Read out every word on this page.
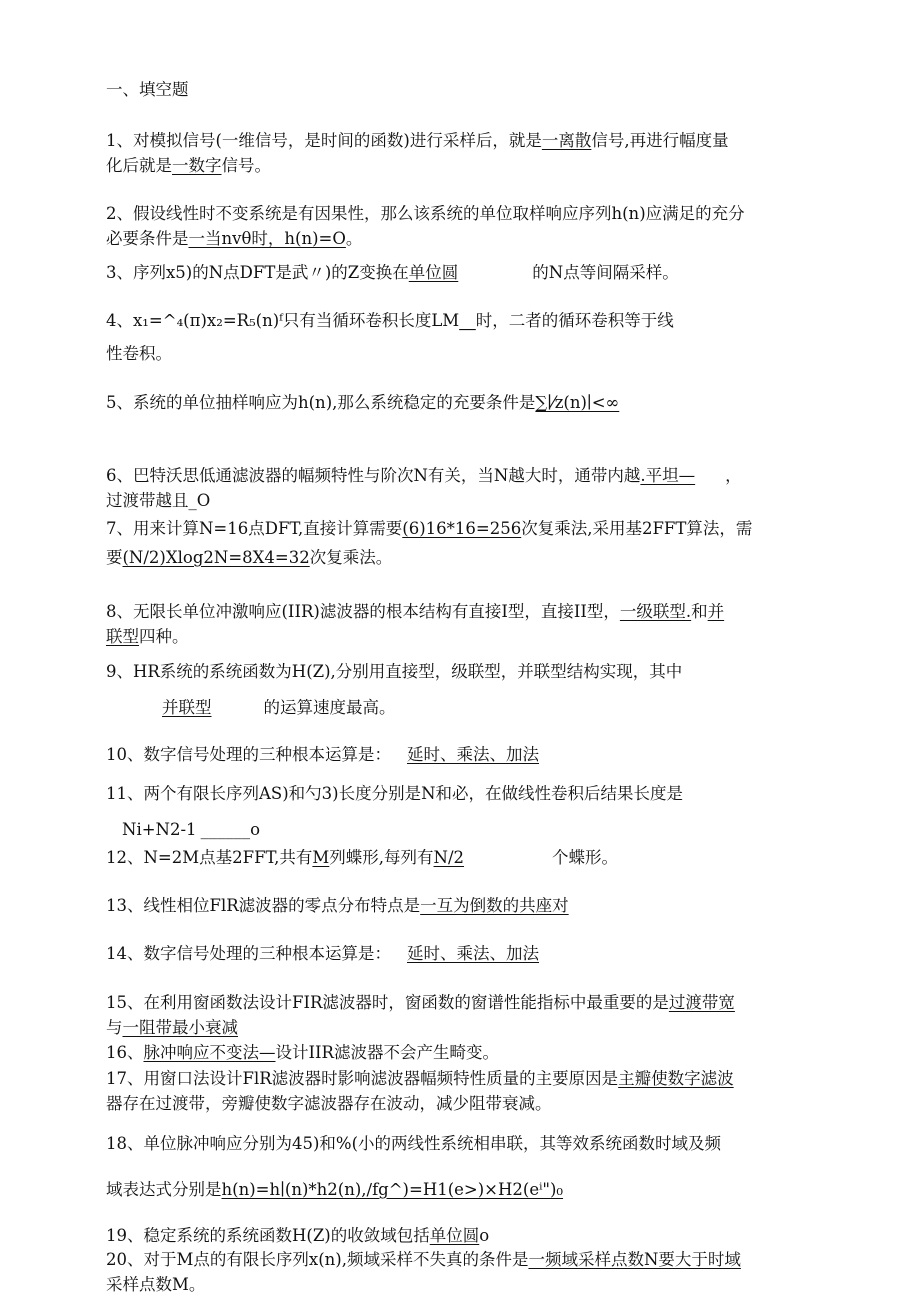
一、填空题
1、对模拟信号(一维信号，是时间的函数)进行采样后，就是一离散信号,再进行幅度量
化后就是一数字信号。
2、假设线性时不变系统是有因果性，那么该系统的单位取样响应序列h(n)应满足的充分
必要条件是一当nvθ时，h(n)=O。
3、序列x5)的N点DFT是武〃)的Z变换在单位圆	的N点等间隔采样。
4、x₁=^₄(π)x₂=R₅(n)ᶠ只有当循环卷积长度LM__时，二者的循环卷积等于线
性卷积。
5、系统的单位抽样响应为h(n),那么系统稳定的充要条件是∑∣⁄z(n)∣<∞
6、巴特沃思低通滤波器的幅频特性与阶次N有关，当N越大时，通带内越.平坦— ，
过渡带越且_O
7、用来计算N=16点DFT,直接计算需要(6)16*16=256次复乘法,采用基2FFT算法，需
要(N/2)Xlog2N=8X4=32次复乘法。
8、无限长单位冲激响应(IIR)滤波器的根本结构有直接I型，直接II型，一级联型.和并
联型四种。
9、HR系统的系统函数为H(Z),分别用直接型，级联型，并联型结构实现，其中
并联型	的运算速度最高。
10、数字信号处理的三种根本运算是： 延时、乘法、加法
11、两个有限长序列AS)和勺3)长度分别是N和必，在做线性卷积后结果长度是
Ni+N2-1 ______o
12、N=2M点基2FFT,共有M列蝶形,每列有N/2	个蝶形。
13、线性相位FlR滤波器的零点分布特点是一互为倒数的共座对
14、数字信号处理的三种根本运算是： 延时、乘法、加法
15、在利用窗函数法设计FIR滤波器时，窗函数的窗谱性能指标中最重要的是过渡带宽
与一阻带最小衰减
16、脉冲响应不变法—设计IIR滤波器不会产生畸变。
17、用窗口法设计FlR滤波器时影响滤波器幅频特性质量的主要原因是主瓣使数字滤波
器存在过渡带，旁瓣使数字滤波器存在波动，减少阻带衰减。
18、单位脉冲响应分别为45)和%(小的两线性系统相串联，其等效系统函数时域及频
域表达式分别是h(n)=h∣(n)*h2(n),∕fg^)=H1(e>)×H2(eⁱ")₀
19、稳定系统的系统函数H(Z)的收敛域包括单位圆o
20、对于M点的有限长序列x(n),频域采样不失真的条件是一频域采样点数N要大于时域
采样点数M。
